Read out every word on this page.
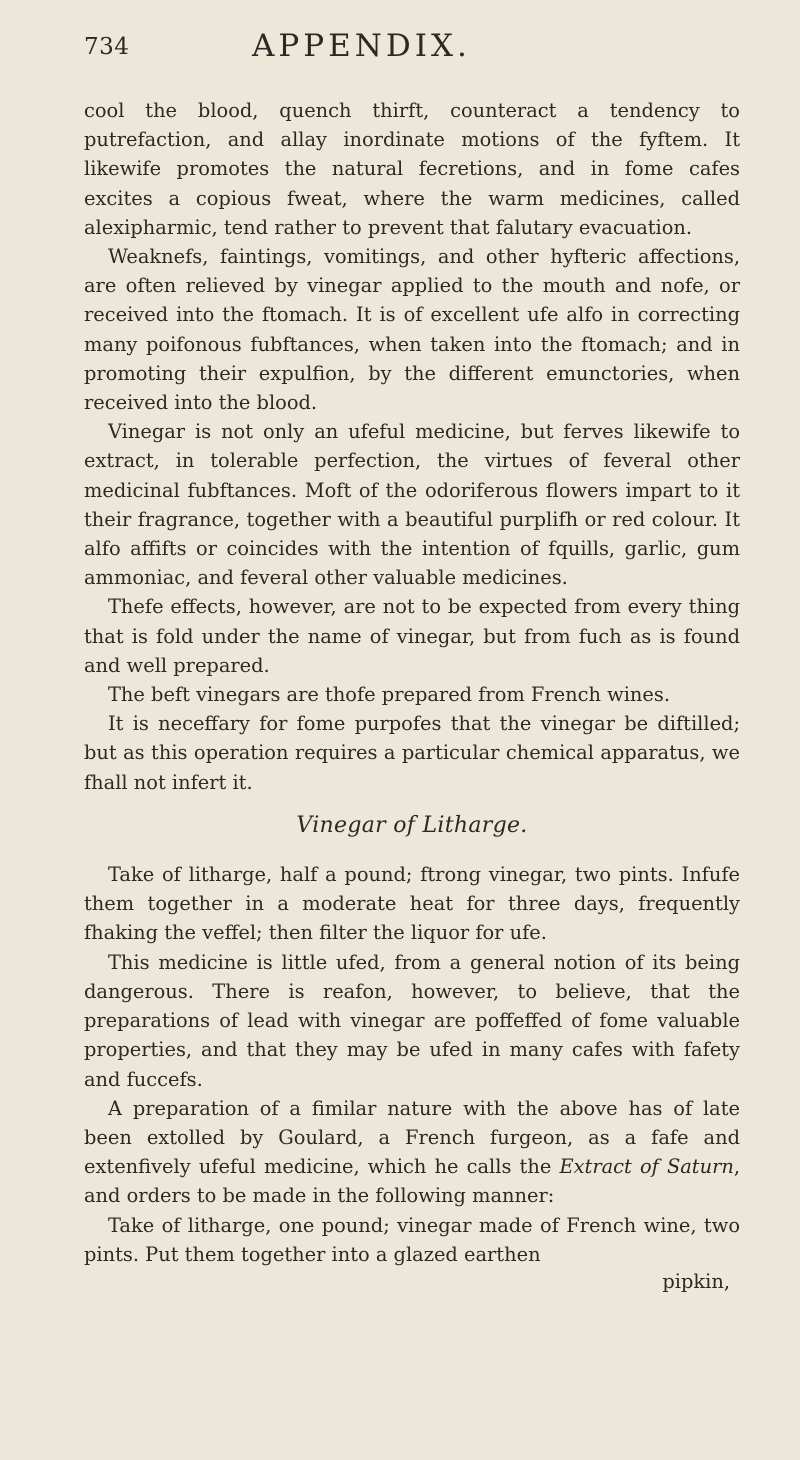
734	APPENDIX.

cool the blood, quench thirft, counteract a tendency to putrefaction, and allay inordinate motions of the fyftem. It likewife promotes the natural fecretions, and in fome cafes excites a copious fweat, where the warm medicines, called alexipharmic, tend rather to prevent that falutary evacuation.

Weaknefs, faintings, vomitings, and other hyfteric affections, are often relieved by vinegar applied to the mouth and nofe, or received into the ftomach. It is of excellent ufe alfo in correcting many poifonous fubftances, when taken into the ftomach; and in promoting their expulfion, by the different emunctories, when received into the blood.

Vinegar is not only an ufeful medicine, but ferves likewife to extract, in tolerable perfection, the virtues of feveral other medicinal fubftances. Moft of the odoriferous flowers impart to it their fragrance, together with a beautiful purplifh or red colour. It alfo affifts or coincides with the intention of fquills, garlic, gum ammoniac, and feveral other valuable medicines.

Thefe effects, however, are not to be expected from every thing that is fold under the name of vinegar, but from fuch as is found and well prepared.

The beft vinegars are thofe prepared from French wines.

It is neceffary for fome purpofes that the vinegar be diftilled; but as this operation requires a particular chemical apparatus, we fhall not infert it.

Vinegar of Litharge.

Take of litharge, half a pound; ftrong vinegar, two pints. Infufe them together in a moderate heat for three days, frequently fhaking the veffel; then filter the liquor for ufe.

This medicine is little ufed, from a general notion of its being dangerous. There is reafon, however, to believe, that the preparations of lead with vinegar are poffeffed of fome valuable properties, and that they may be ufed in many cafes with fafety and fuccefs.

A preparation of a fimilar nature with the above has of late been extolled by Goulard, a French furgeon, as a fafe and extenfively ufeful medicine, which he calls the Extract of Saturn, and orders to be made in the following manner:

Take of litharge, one pound; vinegar made of French wine, two pints. Put them together into a glazed earthen

pipkin,
